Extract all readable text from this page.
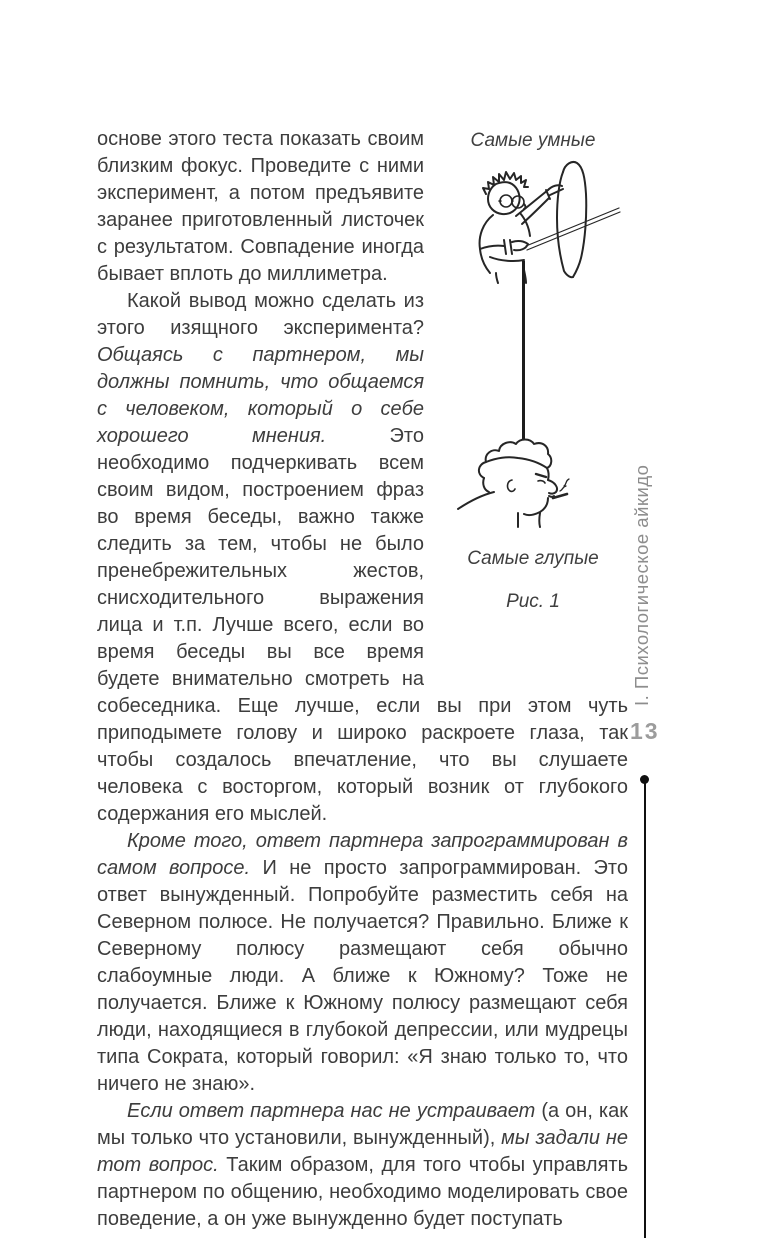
Самые умные
Самые глупые
Рис. 1

основе этого теста показать своим близким фокус. Проведите с ними эксперимент, а потом предъявите заранее приготовленный листочек с результатом. Совпадение иногда бывает вплоть до миллиметра.

Какой вывод можно сделать из этого изящного эксперимента? Общаясь с партнером, мы должны помнить, что общаемся с человеком, который о себе хорошего мнения. Это необходимо подчеркивать всем своим видом, построением фраз во время беседы, важно также следить за тем, чтобы не было пренебрежительных жестов, снисходительного выражения лица и т.п. Лучше всего, если во время беседы вы все время будете внимательно смотреть на собеседника. Еще лучше, если вы при этом чуть приподымете голову и широко раскроете глаза, так чтобы создалось впечатление, что вы слушаете человека с восторгом, который возник от глубокого содержания его мыслей.

Кроме того, ответ партнера запрограммирован в самом вопросе. И не просто запрограммирован. Это ответ вынужденный. Попробуйте разместить себя на Северном полюсе. Не получается? Правильно. Ближе к Северному полюсу размещают себя обычно слабоумные люди. А ближе к Южному? Тоже не получается. Ближе к Южному полюсу размещают себя люди, находящиеся в глубокой депрессии, или мудрецы типа Сократа, который говорил: «Я знаю только то, что ничего не знаю».

Если ответ партнера нас не устраивает (а он, как мы только что установили, вынужденный), мы задали не тот вопрос. Таким образом, для того чтобы управлять партнером по общению, необходимо моделировать свое поведение, а он уже вынужденно будет поступать

I. Психологическое айкидо
13
